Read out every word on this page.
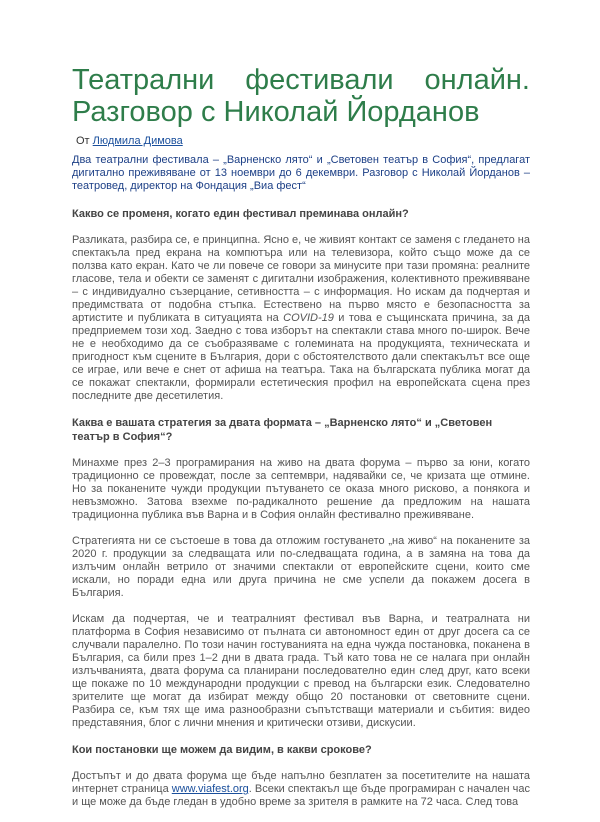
Театрални фестивали онлайн.
Разговор с Николай Йорданов
От Людмила Димова

Два театрални фестивала – „Варненско лято“ и „Световен театър в София“, предлагат дигитално преживяване от 13 ноември до 6 декември. Разговор с Николай Йорданов – театровед, директор на Фондация „Виа фест“

Какво се променя, когато един фестивал преминава онлайн?

Разликата, разбира се, е принципна. Ясно е, че живият контакт се заменя с гледането на спектакъла пред екрана на компютъра или на телевизора, който също може да се ползва като екран. Като че ли повече се говори за минусите при тази промяна: реалните гласове, тела и обекти се заменят с дигитални изображения, колективното преживяване – с индивидуално съзерцание, сетивността – с информация. Но искам да подчертая и предимствата от подобна стъпка. Естествено на първо място е безопасността за артистите и публиката в ситуацията на COVID-19 и това е същинската причина, за да предприемем този ход. Заедно с това изборът на спектакли става много по-широк. Вече не е необходимо да се съобразяваме с големината на продукцията, техническата и пригодност към сцените в България, дори с обстоятелството дали спектакълът все още се играе, или вече е снет от афиша на театъра. Така на българската публика могат да се покажат спектакли, формирали естетическия профил на европейската сцена през последните две десетилетия.

Каква е вашата стратегия за двата формата – „Варненско лято“ и „Световен театър в София“?

Минахме през 2–3 програмирания на живо на двата форума – първо за юни, когато традиционно се провеждат, после за септември, надявайки се, че кризата ще отмине. Но за поканените чужди продукции пътуването се оказа много рисково, а понякога и невъзможно. Затова взехме по-радикалното решение да предложим на нашата традиционна публика във Варна и в София онлайн фестивално преживяване.

Стратегията ни се състоеше в това да отложим гостуването „на живо“ на поканените за 2020 г. продукции за следващата или по-следващата година, а в замяна на това да излъчим онлайн ветрило от значими спектакли от европейските сцени, които сме искали, но поради една или друга причина не сме успели да покажем досега в България.

Искам да подчертая, че и театралният фестивал във Варна, и театралната ни платформа в София независимо от пълната си автономност един от друг досега са се случвали паралелно. По този начин гостуванията на една чужда постановка, поканена в България, са били през 1–2 дни в двата града. Тъй като това не се налага при онлайн излъчванията, двата форума са планирани последователно един след друг, като всеки ще покаже по 10 международни продукции с превод на български език. Следователно зрителите ще могат да избират между общо 20 постановки от световните сцени. Разбира се, към тях ще има разнообразни съпътстващи материали и събития: видео представяния, блог с лични мнения и критически отзиви, дискусии.

Кои постановки ще можем да видим, в какви срокове?

Достъпът и до двата форума ще бъде напълно безплатен за посетителите на нашата интернет страница www.viafest.org. Всеки спектакъл ще бъде програмиран с начален час и ще може да бъде гледан в удобно време за зрителя в рамките на 72 часа. След това
